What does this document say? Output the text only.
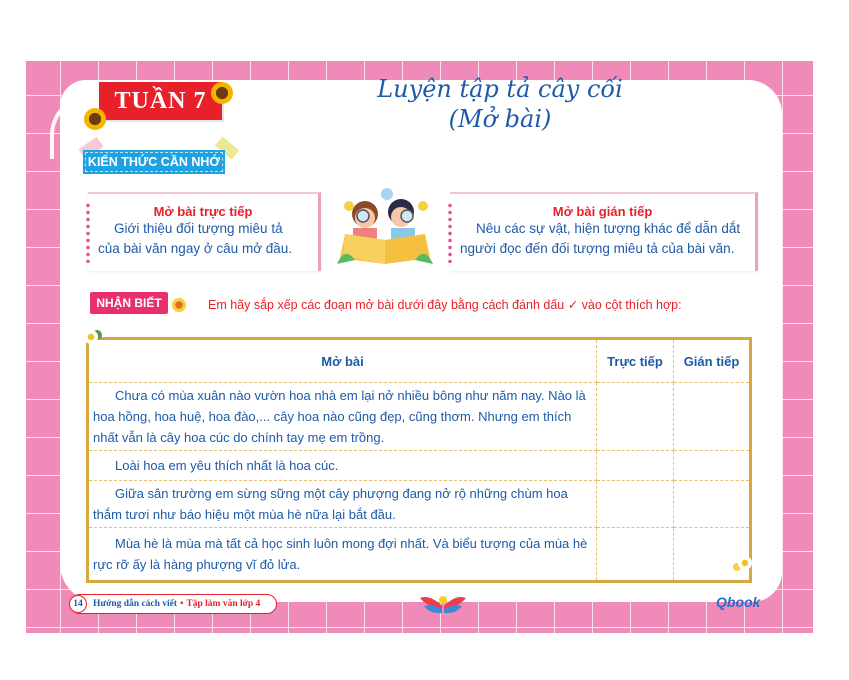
TUẦN 7	Luyện tập tả cây cối
(Mở bài)
KIẾN THỨC CẦN NHỚ
Mở bài trực tiếp
Giới thiệu đối tượng miêu tả của bài văn ngay ở câu mở đầu.
Mở bài gián tiếp
Nêu các sự vật, hiện tượng khác để dẫn dắt người đọc đến đối tượng miêu tả của bài văn.
NHẬN BIẾT	Em hãy sắp xếp các đoạn mở bài dưới đây bằng cách đánh dấu ✓ vào cột thích hợp:
Mở bài	Trực tiếp	Gián tiếp

Chưa có mùa xuân nào vườn hoa nhà em lại nở nhiều bông như năm nay. Nào là hoa hồng, hoa huệ, hoa đào,... cây hoa nào cũng đẹp, cũng thơm. Nhưng em thích nhất vẫn là cây hoa cúc do chính tay mẹ em trồng.		

Loài hoa em yêu thích nhất là hoa cúc.		

Giữa sân trường em sừng sững một cây phượng đang nở rộ những chùm hoa thắm tươi như báo hiệu một mùa hè nữa lại bắt đầu.		

Mùa hè là mùa mà tất cả học sinh luôn mong đợi nhất. Và biểu tượng của mùa hè rực rỡ ấy là hàng phượng vĩ đỏ lửa.		

14	Hướng dẫn cách viết • Tập làm văn lớp 4	Qbook
